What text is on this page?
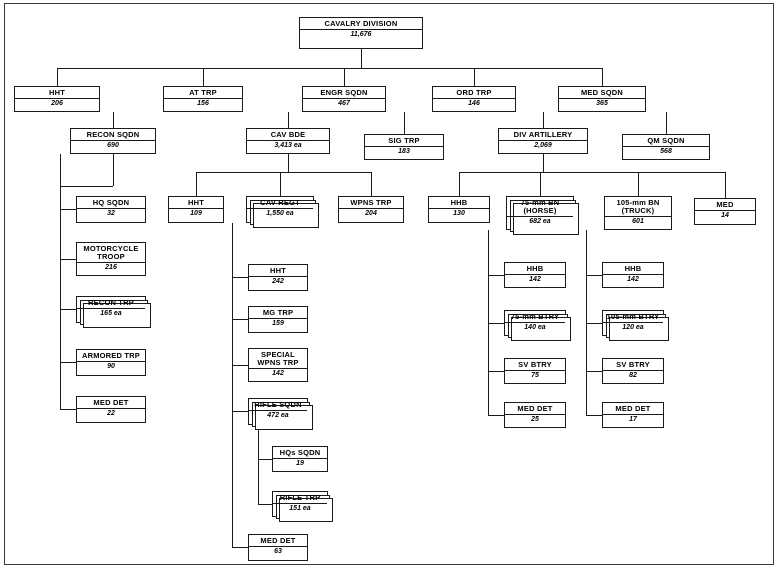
CAVALRY DIVISION
11,676
HHT
206
AT TRP
156
ENGR SQDN
467
ORD TRP
146
MED SQDN
365
RECON SQDN
690
CAV BDE
3,413 ea
SIG TRP
183
DIV ARTILLERY
2,069
QM SQDN
568
HQ SQDN
32
MOTORCYCLE TROOP
216
RECON TRP
165 ea
ARMORED TRP
90
MED DET
22
HHT
109
CAV REGT
1,550 ea
WPNS TRP
204
HHT
242
MG TRP
159
SPECIAL WPNS TRP
142
RIFLE SQDN
472 ea
MED DET
63
HQs SQDN
19
RIFLE TRP
151 ea
HHB
130
75-mm BN (HORSE)
682 ea
105-mm BN (TRUCK)
601
MED
14
HHB
142
75-mm BTRY
140 ea
SV BTRY
75
MED DET
25
HHB
142
105-mm BTRY
120 ea
SV BTRY
82
MED DET
17
